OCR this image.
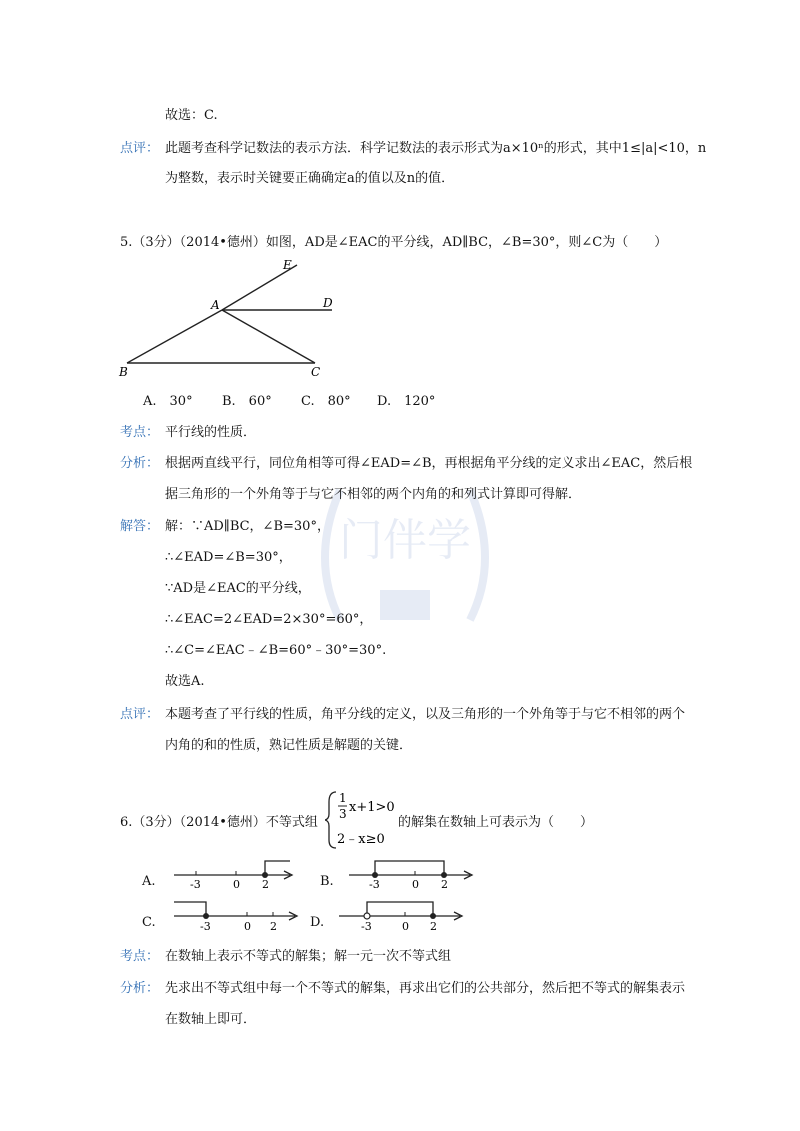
门伴学
故选：C.
点评： 此题考查科学记数法的表示方法．科学记数法的表示形式为a×10ⁿ的形式，其中1≤|a|<10，n
为整数，表示时关键要正确确定a的值以及n的值．
5.（3分）（2014•德州）如图，AD是∠EAC的平分线，AD∥BC，∠B=30°，则∠C为（　　）
E
A	D
B	C
A.　30° B.　60° C.　80° D.　120°
考点： 平行线的性质．
分析： 根据两直线平行，同位角相等可得∠EAD=∠B，再根据角平分线的定义求出∠EAC，然后根
据三角形的一个外角等于与它不相邻的两个内角的和列式计算即可得解．
解答： 解：∵AD∥BC，∠B=30°，
∴∠EAD=∠B=30°，
∵AD是∠EAC的平分线，
∴∠EAC=2∠EAD=2×30°=60°，
∴∠C=∠EAC﹣∠B=60°﹣30°=30°.
故选A.
点评： 本题考查了平行线的性质，角平分线的定义，以及三角形的一个外角等于与它不相邻的两个
内角的和的性质，熟记性质是解题的关键．
6.（3分）（2014•德州）不等式组
1
3 x+1>0
2﹣x≥0
的解集在数轴上可表示为（　　）
A.	-3	0 2	B.	-3	0 2
C.	-3	0 2	D.	-3	0 2
考点： 在数轴上表示不等式的解集；解一元一次不等式组
分析： 先求出不等式组中每一个不等式的解集，再求出它们的公共部分，然后把不等式的解集表示
在数轴上即可．
